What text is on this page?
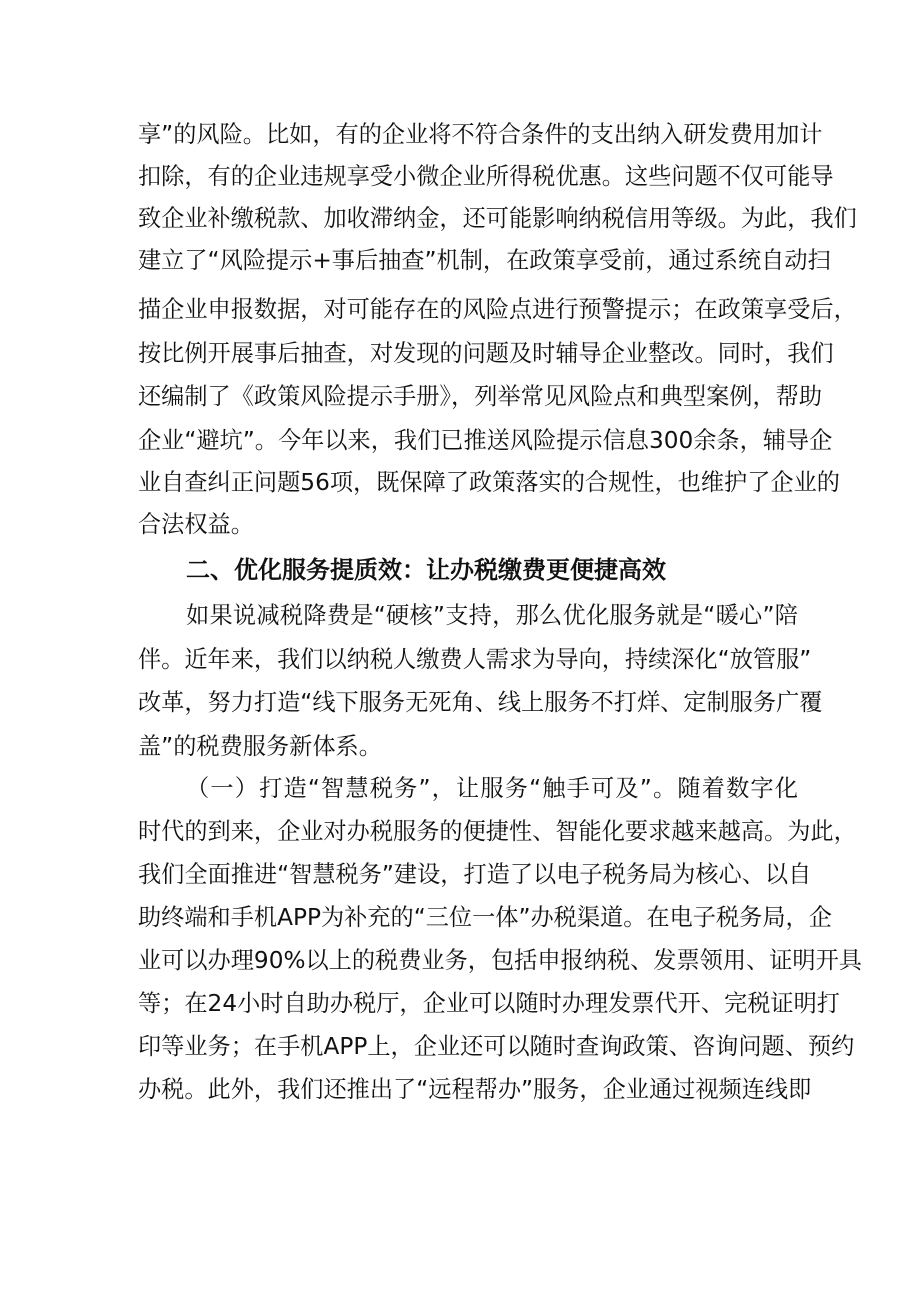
享”的风险。比如，有的企业将不符合条件的支出纳入研发费用加计
扣除，有的企业违规享受小微企业所得税优惠。这些问题不仅可能导
致企业补缴税款、加收滞纳金，还可能影响纳税信用等级。为此，我们
建立了“风险提示+事后抽查”机制，在政策享受前，通过系统自动扫
描企业申报数据，对可能存在的风险点进行预警提示；在政策享受后，
按比例开展事后抽查，对发现的问题及时辅导企业整改。同时，我们
还编制了《政策风险提示手册》，列举常见风险点和典型案例，帮助
企业“避坑”。今年以来，我们已推送风险提示信息300余条，辅导企
业自查纠正问题56项，既保障了政策落实的合规性，也维护了企业的
合法权益。
二、优化服务提质效：让办税缴费更便捷高效
如果说减税降费是“硬核”支持，那么优化服务就是“暖心”陪
伴。近年来，我们以纳税人缴费人需求为导向，持续深化“放管服”
改革，努力打造“线下服务无死角、线上服务不打烊、定制服务广覆
盖”的税费服务新体系。
（一）打造“智慧税务”，让服务“触手可及”。随着数字化
时代的到来，企业对办税服务的便捷性、智能化要求越来越高。为此，
我们全面推进“智慧税务”建设，打造了以电子税务局为核心、以自
助终端和手机APP为补充的“三位一体”办税渠道。在电子税务局，企
业可以办理90%以上的税费业务，包括申报纳税、发票领用、证明开具
等；在24小时自助办税厅，企业可以随时办理发票代开、完税证明打
印等业务；在手机APP上，企业还可以随时查询政策、咨询问题、预约
办税。此外，我们还推出了“远程帮办”服务，企业通过视频连线即
